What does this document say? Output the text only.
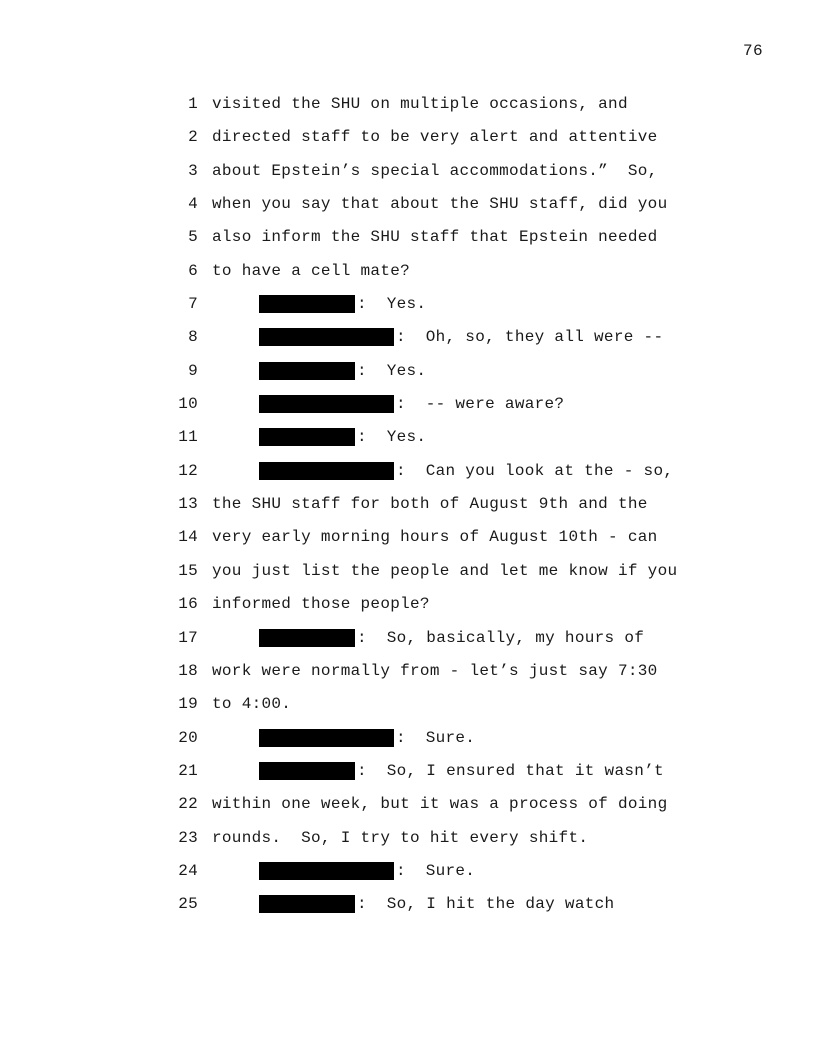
76
1 visited the SHU on multiple occasions, and
2 directed staff to be very alert and attentive
3 about Epstein’s special accommodations.”  So,
4 when you say that about the SHU staff, did you
5 also inform the SHU staff that Epstein needed
6 to have a cell mate?
7	:  Yes.
8	:  Oh, so, they all were --
9	:  Yes.
10	:  -- were aware?
11	:  Yes.
12	:  Can you look at the - so,
13 the SHU staff for both of August 9th and the
14 very early morning hours of August 10th - can
15 you just list the people and let me know if you
16 informed those people?
17	:  So, basically, my hours of
18 work were normally from - let’s just say 7:30
19 to 4:00.
20	:  Sure.
21	:  So, I ensured that it wasn’t
22 within one week, but it was a process of doing
23 rounds.  So, I try to hit every shift.
24	:  Sure.
25	:  So, I hit the day watch
